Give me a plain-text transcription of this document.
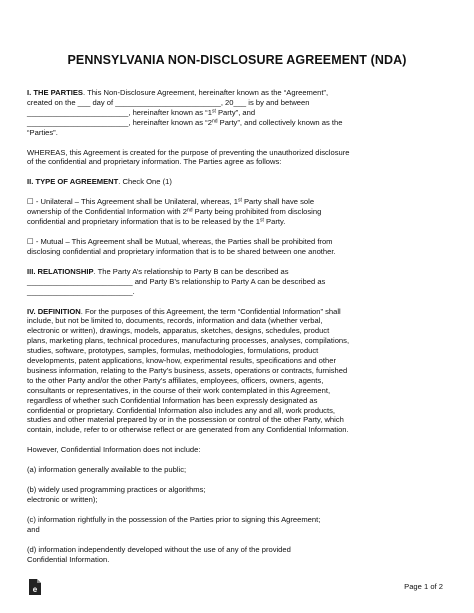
PENNSYLVANIA NON-DISCLOSURE AGREEMENT (NDA)

I. THE PARTIES. This Non-Disclosure Agreement, hereinafter known as the “Agreement”,

created on the ___ day of _________________________, 20___ is by and between

________________________, hereinafter known as “1st Party”, and

________________________, hereinafter known as “2nd Party”, and collectively known as the

“Parties”.

WHEREAS, this Agreement is created for the purpose of preventing the unauthorized disclosure

of the confidential and proprietary information. The Parties agree as follows:

II. TYPE OF AGREEMENT. Check One (1)

☐ - Unilateral – This Agreement shall be Unilateral, whereas, 1st Party shall have sole

ownership of the Confidential Information with 2nd Party being prohibited from disclosing

confidential and proprietary information that is to be released by the 1st Party.

☐ - Mutual – This Agreement shall be Mutual, whereas, the Parties shall be prohibited from

disclosing confidential and proprietary information that is to be shared between one another.

III. RELATIONSHIP. The Party A’s relationship to Party B can be described as

_________________________ and Party B’s relationship to Party A can be described as

_________________________.

IV. DEFINITION. For the purposes of this Agreement, the term “Confidential Information” shall

include, but not be limited to, documents, records, information and data (whether verbal,

electronic or written), drawings, models, apparatus, sketches, designs, schedules, product

plans, marketing plans, technical procedures, manufacturing processes, analyses, compilations,

studies, software, prototypes, samples, formulas, methodologies, formulations, product

developments, patent applications, know-how, experimental results, specifications and other

business information, relating to the Party’s business, assets, operations or contracts, furnished

to the other Party and/or the other Party’s affiliates, employees, officers, owners, agents,

consultants or representatives, in the course of their work contemplated in this Agreement,

regardless of whether such Confidential Information has been expressly designated as

confidential or proprietary. Confidential Information also includes any and all, work products,

studies and other material prepared by or in the possession or control of the other Party, which

contain, include, refer to or otherwise reflect or are generated from any Confidential Information.

However, Confidential Information does not include:

(a) information generally available to the public;

(b) widely used programming practices or algorithms;

electronic or written);

(c) information rightfully in the possession of the Parties prior to signing this Agreement;

and

(d) information independently developed without the use of any of the provided

Confidential Information.

e	Page 1 of 2
